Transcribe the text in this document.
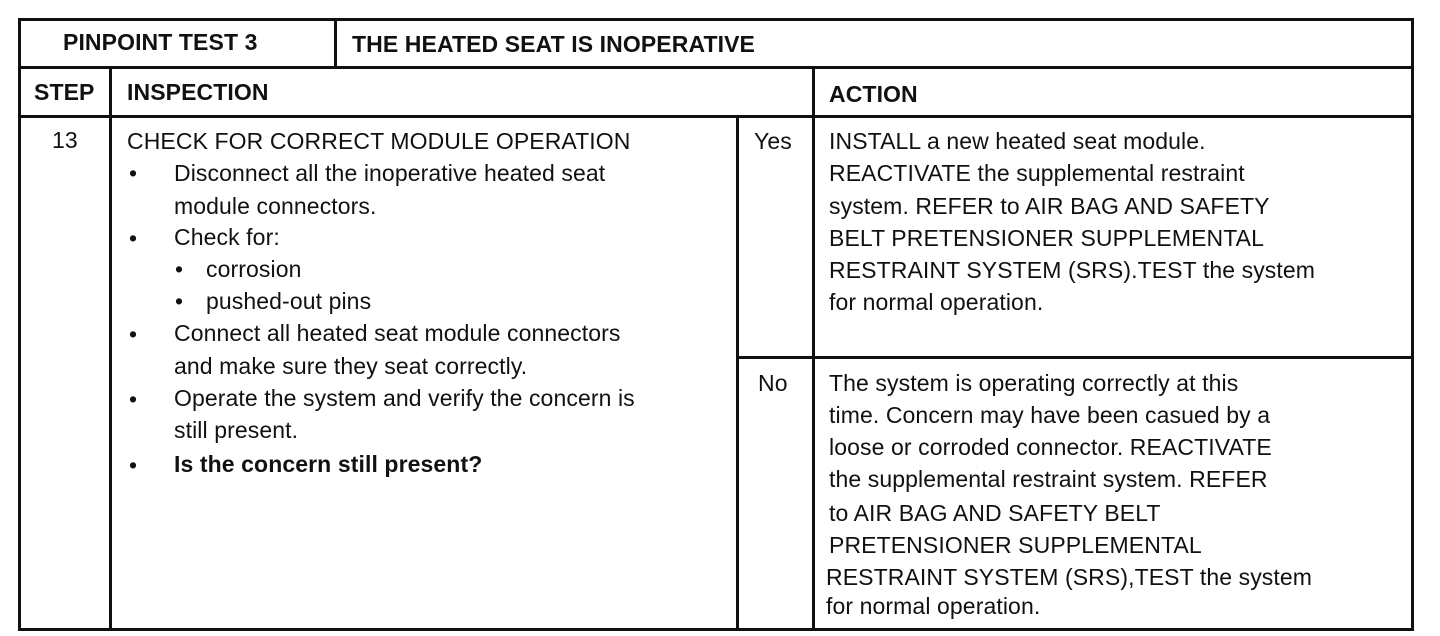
PINPOINT TEST 3	THE HEATED SEAT IS INOPERATIVE
STEP INSPECTION	ACTION
13 CHECK FOR CORRECT MODULE OPERATION
• Disconnect all the inoperative heated seat
module connectors.
• Check for:
• corrosion
• pushed-out pins
• Connect all heated seat module connectors
and make sure they seat correctly.
• Operate the system and verify the concern is
still present.
• Is the concern still present?
Yes INSTALL a new heated seat module.
REACTIVATE the supplemental restraint
system. REFER to AIR BAG AND SAFETY
BELT PRETENSIONER SUPPLEMENTAL
RESTRAINT SYSTEM (SRS).TEST the system
for normal operation.
No The system is operating correctly at this
time. Concern may have been casued by a
loose or corroded connector. REACTIVATE
the supplemental restraint system. REFER
to AIR BAG AND SAFETY BELT
PRETENSIONER SUPPLEMENTAL
RESTRAINT SYSTEM (SRS),TEST the system
for normal operation.
